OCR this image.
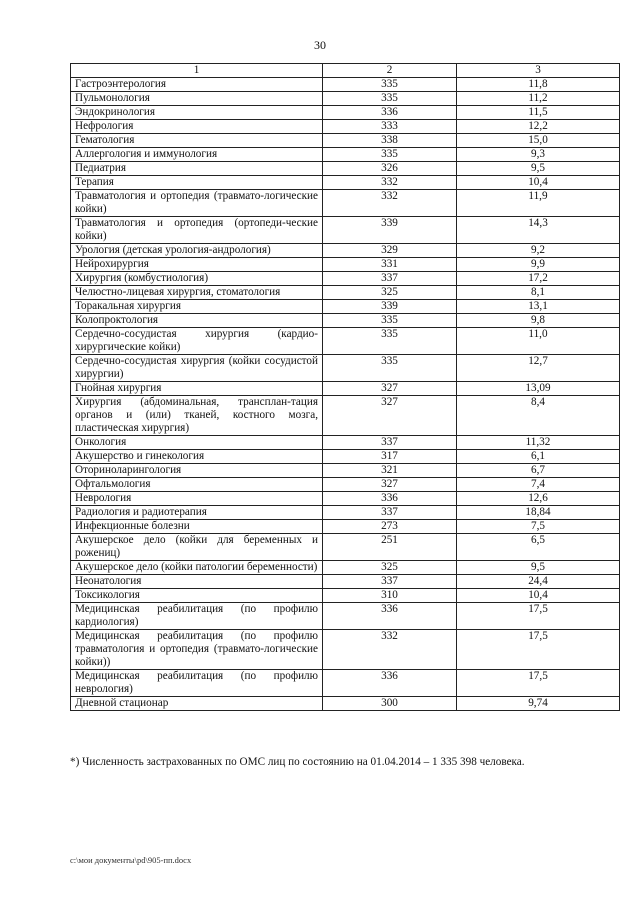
30
1	2	3
Гастроэнтерология	335	11,8
Пульмонология	335	11,2
Эндокринология	336	11,5
Нефрология	333	12,2
Гематология	338	15,0
Аллергология и иммунология	335	9,3
Педиатрия	326	9,5
Терапия	332	10,4
Травматология и ортопедия (травмато-логические койки)	332	11,9
Травматология и ортопедия (ортопеди-ческие койки)	339	14,3
Урология (детская урология-андрология)	329	9,2
Нейрохирургия	331	9,9
Хирургия (комбустиология)	337	17,2
Челюстно-лицевая хирургия, стоматология	325	8,1
Торакальная хирургия	339	13,1
Колопроктология	335	9,8
Сердечно-сосудистая хирургия (кардио-хирургические койки)	335	11,0
Сердечно-сосудистая хирургия (койки сосудистой хирургии)	335	12,7
Гнойная хирургия	327	13,09
Хирургия (абдоминальная, трансплан-тация органов и (или) тканей, костного мозга, пластическая хирургия)	327	8,4
Онкология	337	11,32
Акушерство и гинекология	317	6,1
Оториноларингология	321	6,7
Офтальмология	327	7,4
Неврология	336	12,6
Радиология и радиотерапия	337	18,84
Инфекционные болезни	273	7,5
Акушерское дело (койки для беременных и рожениц)	251	6,5
Акушерское дело (койки патологии беременности)	325	9,5
Неонатология	337	24,4
Токсикология	310	10,4
Медицинская реабилитация (по профилю кардиология)	336	17,5
Медицинская реабилитация (по профилю травматология и ортопедия (травмато-логические койки))	332	17,5
Медицинская реабилитация (по профилю неврология)	336	17,5
Дневной стационар	300	9,74
*) Численность застрахованных по ОМС лиц по состоянию на 01.04.2014 – 1 335 398 человека.
c:\мои документы\pd\905-пп.docx
